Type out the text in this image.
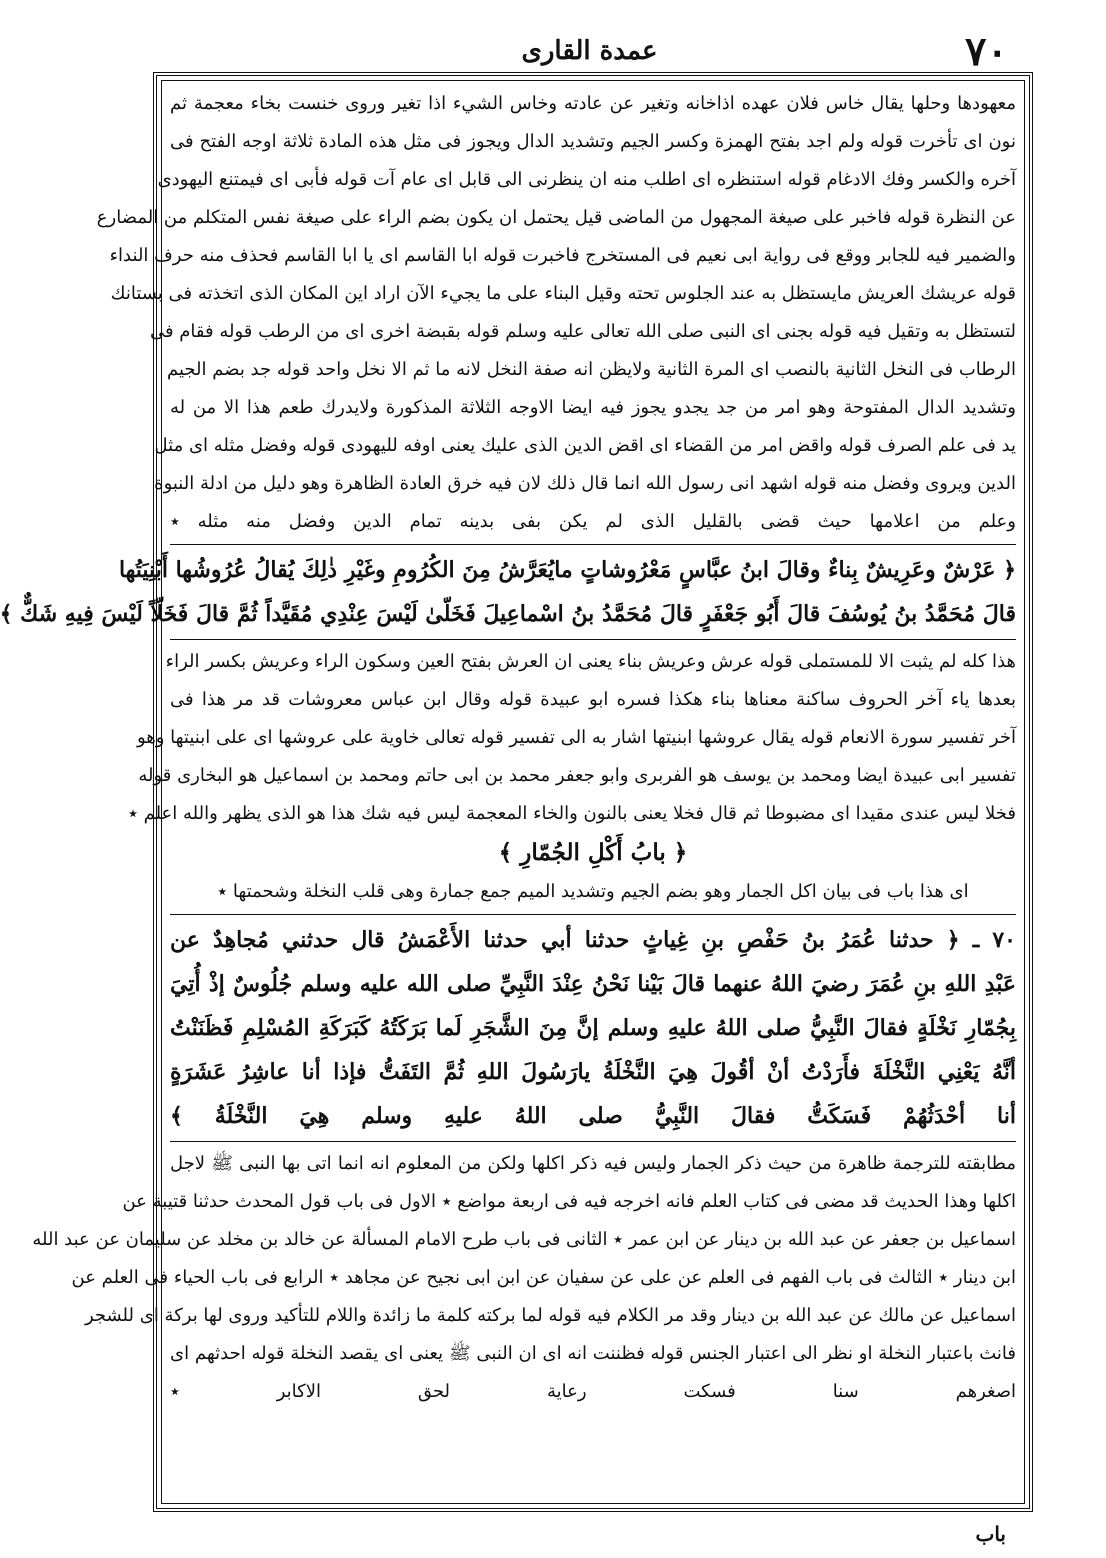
٧٠
عمدة القارى
معهودها وحلها يقال خاس فلان عهده اذاخانه وتغير عن عادته وخاس الشيء اذا تغير وروى خنست بخاء معجمة ثم
نون اى تأخرت قوله ولم اجد بفتح الهمزة وكسر الجيم وتشديد الدال ويجوز فى مثل هذه المادة ثلاثة اوجه الفتح فى
آخره والكسر وفك الادغام قوله استنظره اى اطلب منه ان ينظرنى الى قابل اى عام آت قوله فأبى اى فيمتنع اليهودى
عن النظرة قوله فاخبر على صيغة المجهول من الماضى قيل يحتمل ان يكون بضم الراء على صيغة نفس المتكلم من المضارع
والضمير فيه للجابر ووقع فى رواية ابى نعيم فى المستخرج فاخبرت قوله ابا القاسم اى يا ابا القاسم فحذف منه حرف النداء
قوله عريشك العريش مايستظل به عند الجلوس تحته وقيل البناء على ما يجيء الآن اراد اين المكان الذى اتخذته فى بستانك
لتستظل به وتقيل فيه قوله بجنى اى النبى صلى الله تعالى عليه وسلم قوله بقبضة اخرى اى من الرطب قوله فقام فى
الرطاب فى النخل الثانية بالنصب اى المرة الثانية ولايظن انه صفة النخل لانه ما ثم الا نخل واحد قوله جد بضم الجيم
وتشديد الدال المفتوحة وهو امر من جد يجدو يجوز فيه ايضا الاوجه الثلاثة المذكورة ولايدرك طعم هذا الا من له
يد فى علم الصرف قوله واقض امر من القضاء اى اقض الدين الذى عليك يعنى اوفه لليهودى قوله وفضل مثله اى مثل
الدين ويروى وفضل منه قوله اشهد انى رسول الله انما قال ذلك لان فيه خرق العادة الظاهرة وهو دليل من ادلة النبوة
وعلم من اعلامها حيث قضى بالقليل الذى لم يكن بفى بدينه تمام الدين وفضل منه مثله ٭
﴿ عَرْشٌ وعَرِيشٌ بِناءٌ وقالَ ابنُ عبَّاسٍ مَعْرُوشاتٍ مايُعَرَّشُ مِنَ الكُرُومِ وغَيْرِ ذٰلِكَ يُقالُ عُرُوشُها أَبْنِيَتُها
قالَ مُحَمَّدُ بنُ يُوسُفَ قالَ أَبُو جَعْفَرٍ قالَ مُحَمَّدُ بنُ اسْماعِيلَ فَخَلّىٰ لَيْسَ عِنْدِي مُقَيَّداً ثُمَّ قالَ فَخَلّاً لَيْسَ فِيهِ شَكٌّ ﴾
هذا كله لم يثبت الا للمستملى قوله عرش وعريش بناء يعنى ان العرش بفتح العين وسكون الراء وعريش بكسر الراء
بعدها ياء آخر الحروف ساكنة معناها بناء هكذا فسره ابو عبيدة قوله وقال ابن عباس معروشات قد مر هذا فى
آخر تفسير سورة الانعام قوله يقال عروشها ابنيتها اشار به الى تفسير قوله تعالى خاوية على عروشها اى على ابنيتها وهو
تفسير ابى عبيدة ايضا ومحمد بن يوسف هو الفربرى وابو جعفر محمد بن ابى حاتم ومحمد بن اسماعيل هو البخارى قوله
فخلا ليس عندى مقيدا اى مضبوطا ثم قال فخلا يعنى بالنون والخاء المعجمة ليس فيه شك هذا هو الذى يظهر والله اعلم ٭
﴿ بابُ أَكْلِ الجُمّارِ ﴾
اى هذا باب فى بيان اكل الجمار وهو بضم الجيم وتشديد الميم جمع جمارة وهى قلب النخلة وشحمتها ٭
٧٠ ـ ﴿ حدثنا عُمَرُ بنُ حَفْصِ بنِ غِياثٍ حدثنا أبي حدثنا الأَعْمَشُ قال حدثني مُجاهِدٌ عن
عَبْدِ اللهِ بنِ عُمَرَ رضيَ اللهُ عنهما قالَ بَيْنا نَحْنُ عِنْدَ النَّبِيِّ صلى الله عليه وسلم جُلُوسٌ إذْ أُتِيَ
بِجُمّارِ نَخْلَةٍ فقالَ النَّبِيُّ صلى اللهُ عليهِ وسلم إنَّ مِنَ الشَّجَرِ لَما بَرَكَتُهُ كَبَرَكَةِ المُسْلِمِ فَظَنَنْتُ
أنَّهُ يَعْنِي النَّخْلَةَ فأَرَدْتُ أنْ أقُولَ هِيَ النَّخْلَةُ يارَسُولَ اللهِ ثُمَّ التَفَتُّ فإذا أنا عاشِرُ عَشَرَةٍ
أنا أحْدَثُهُمْ فَسَكَتُّ فقالَ النَّبِيُّ صلى اللهُ عليهِ وسلم هِيَ النَّخْلَةُ ﴾
مطابقته للترجمة ظاهرة من حيث ذكر الجمار وليس فيه ذكر اكلها ولكن من المعلوم انه انما اتى بها النبى ﷺ لاجل
اكلها وهذا الحديث قد مضى فى كتاب العلم فانه اخرجه فيه فى اربعة مواضع ٭ الاول فى باب قول المحدث حدثنا قتيبة عن
اسماعيل بن جعفر عن عبد الله بن دينار عن ابن عمر ٭ الثانى فى باب طرح الامام المسألة عن خالد بن مخلد عن سليمان عن عبد الله
ابن دينار ٭ الثالث فى باب الفهم فى العلم عن على عن سفيان عن ابن ابى نجيح عن مجاهد ٭ الرابع فى باب الحياء فى العلم عن
اسماعيل عن مالك عن عبد الله بن دينار وقد مر الكلام فيه قوله لما بركته كلمة ما زائدة واللام للتأكيد وروى لها بركة اى للشجر
فانث باعتبار النخلة او نظر الى اعتبار الجنس قوله فظننت انه اى ان النبى ﷺ يعنى اى يقصد النخلة قوله احدثهم اى
اصغرهم سنا فسكت رعاية لحق الاكابر ٭
باب
